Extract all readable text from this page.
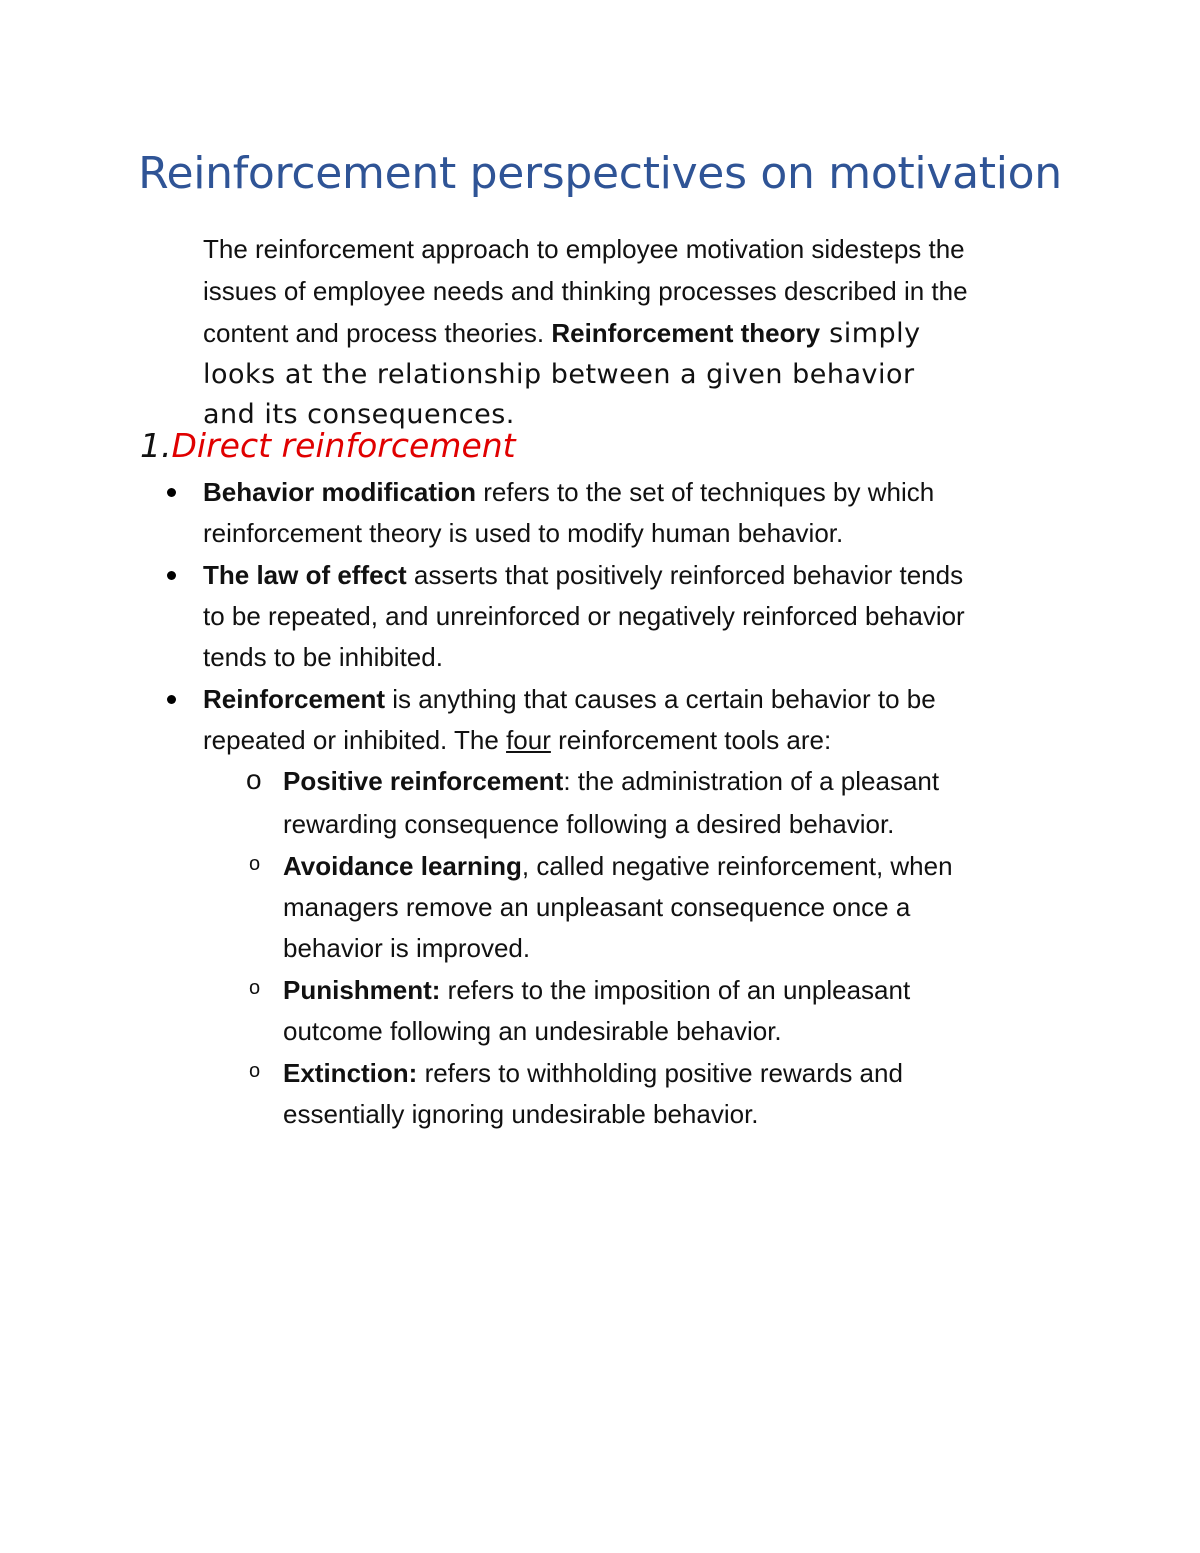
Reinforcement perspectives on motivation
The reinforcement approach to employee motivation sidesteps the
issues of employee needs and thinking processes described in the
content and process theories. Reinforcement theory simply
looks at the relationship between a given behavior
and its consequences.
1.Direct reinforcement
Behavior modification refers to the set of techniques by which
reinforcement theory is used to modify human behavior.
The law of effect asserts that positively reinforced behavior tends
to be repeated, and unreinforced or negatively reinforced behavior
tends to be inhibited.
Reinforcement is anything that causes a certain behavior to be
repeated or inhibited. The four reinforcement tools are:
o Positive reinforcement: the administration of a pleasant
rewarding consequence following a desired behavior.
o Avoidance learning, called negative reinforcement, when
managers remove an unpleasant consequence once a
behavior is improved.
o Punishment: refers to the imposition of an unpleasant
outcome following an undesirable behavior.
o Extinction: refers to withholding positive rewards and
essentially ignoring undesirable behavior.
